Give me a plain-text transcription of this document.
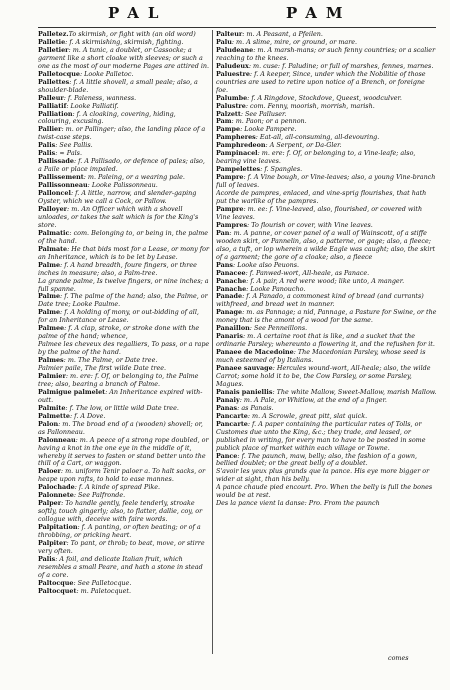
PAL	PAM

Palletez.To skirmish, or fight with (an old word)

Palletie: f. A skirmishing, skirmish, fighting.

Palletier: m. A tunic, a doublet, or Cassocke; a garment like a short cloake with sleeves; or such a one as the most of our moderne Pages are attired in.

Palletocque: Looke Palletoc.

Pallettes: f. A little shovell, a small peale; also, a shoulder-blade.

Palleur: f. Paleness, wanness.

Palliatif: Looke Palliatif.

Palliation: f. A cloaking, covering, hiding, colouring, excusing.

Pallier: m. or Pallinger; also, the landing place of a twist-case steps.

Palis: See Pallis.

Palis: ≈ Pals.

Pallissade: f. A Pallisado, or defence of pales; also, a Paile or place impaled.

Pallissement: m. Paleing, or a wearing pale.

Pallissonneau: Looke Palissonneau.

Palloncel: f. A little, narrow, and slender-gaping Oyster, which we call a Cock, or Pallow.

Palloyer: m. An Officer which with a shovell unloades, or takes the salt which is for the King's store.

Palmatic: com. Belonging to, or being in, the palme of the hand.

Palmate: He that bids most for a Lease, or mony for an Inheritance, which is to be let by Lease.

Palme: f. A hand breadth, foure fingers, or three inches in measure; also, a Palm-tree.

La grande palme, Is twelve fingers, or nine inches; a full spanne.

Palme: f. The palme of the hand; also, the Palme, or Date tree; Looke Paulme.

Palme: f. A holding of mony, or out-bidding of all, for an Inheritance or Lease.

Palmee: f. A clap, stroke, or stroke done with the palme of the hand; whence,

Palmee les cheveux des regalliers, To pass, or a rape by the palme of the hand.

Palmes: m. The Palme, or Date tree.

Palmier paile, The first wilde Date tree.

Palmier: m. ere: f. Of, or belonging to, the Palme tree; also, bearing a branch of Palme.

Palmigue palmelet: An Inheritance expired with-outt.

Palmite: f. The low, or little wild Date tree.

Palmette: f. A Dove.

Palon: m. The broad end of a (wooden) shovell; or, as Pallonneau.

Palonneau: m. A peece of a strong rope doubled, or having a knot in the one eye in the middle of it, whereby it serves to fasten or stand better unto the thill of a Cart, or waggon.

Paloer: m. uniform Tenir paloer a. To halt sacks, or heape upon rafts, to hold to ease mannes.

Palochade: f. A kinde of spread Pike.

Palonnete: See Palfronde.

Palper: To handle gently, feele tenderly, stroake softly, touch gingerly; also, to flatter, dallie, coy, or collogue with, deceive with faire words.

Palpitation: f. A panting, or often beating; or of a throbbing, or pricking heart.

Palpiter: To pant, or throb; to beat, move, or stirre very often.

Palis: A foil, and delicate Italian fruit, which resembles a small Peare, and hath a stone in stead of a core.

Paltocque: See Palletocque.

Paltocquet: m. Paletocquet.

Palteur: m. A Peasant, a Pfeilen.

Palu: m. A slime, mire, or ground, or mare.

Paludeane: m. A marsh-mans; or such fenny countries; or a scalier reaching to the knees.

Paludeux: m. cuse: f. Paludine; or full of marshes, fennes, marnes.

Paluestre: f. A keeper, Since, under which the Nobilitie of those countries are used to retire upon notice of a Brench, or foreigne foe.

Palumbe: f. A Ringdove, Stockdove, Queest, woodculver.

Palustre: com. Fenny, moorish, morrish, marish.

Palzett: See Palluser.

Pam: m. Paon; or a pennon.

Pampe: Looke Pampere.

Pampheres: Eat-all, all-consuming, all-devouring.

Pamphredeon: A Serpent, or Da-Gler.

Pampinacel: m. ere: f. Of, or belonging to, a Vine-leafe; also, bearing vine leaves.

Pampelettes: f. Spangles.

Pampre: f. A Vine bough, or Vine-leaves; also, a young Vine-branch full of leaves.

Acorde de pampres, enlaced, and vine-sprig flourishes, that hath put the warlike of the pampres.

Pampre: m. ee: f. Vine-leaved, also, flourished, or covered with Vine leaves.

Pampres: To flourish or cover, with Vine leaves.

Pan: m. A panne, or cover panel of a wall of Wainscott, of a stiffe wooden skirt, or Pannelin, also, a patterne, or gage; also, a fleece; also, a tuft, or lop wherein a wilde Eagle was caught; also, the skirt of a garment; the gore of a cloake; also, a fleece

Pans: Looke also Peuons.

Panacee: f. Panwed-wort, All-heale, as Panace.

Panache: f. A pair, A red were wood; like unto, A manger.

Panache: Looke Panoucho.

Panade: f. A Panado, a commonest kind of bread (and currants) withfreed, and bread wet in manner.

Panage: m. as Pannage; a nid, Pannage, a Pasture for Swine, or the money that is the amont of a wood for the same.

Panaillon: See Penneillons.

Panaris: m. A certaine root that is like, and a sucket that the ordinarie Parsley; whereunto a flowering it, and the refushen for it.

Panaee de Macedoine: The Macedonian Parsley, whose seed is much esteemed of by Italians.

Panaee sauvage: Hercules wound-wort, All-heale; also, the wilde Carrot; some hold it to be, the Cow Parsley, or some Parsley, Magues.

Panais paniellis: The white Mallow, Sweet-Mallow, marish Mallow.

Panaiy: m. A Pale, or Whitlow, at the end of a finger.

Panas: as Panais.

Pancarte: m. A Scrowle, great pitt, slat quick.

Pancarte: f. A paper containing the particular rates of Tolls, or Customes due unto the King, &c.; they trade, and leased, or published in writing, for every man to have to be posted in some publick place of market within each village or Towne.

Pance: f. The paunch, maw, belly; also, the fashion of a gown, bellied doublet; or the great belly of a doublet.

S'avoir les yeux plus grands que la pance. His eye more bigger or wider at sight, than his belly.

A pance chaude pied encourt. Pro. When the belly is full the bones would be at rest.

Des la pance vient la danse: Pro. From the paunch

comes
